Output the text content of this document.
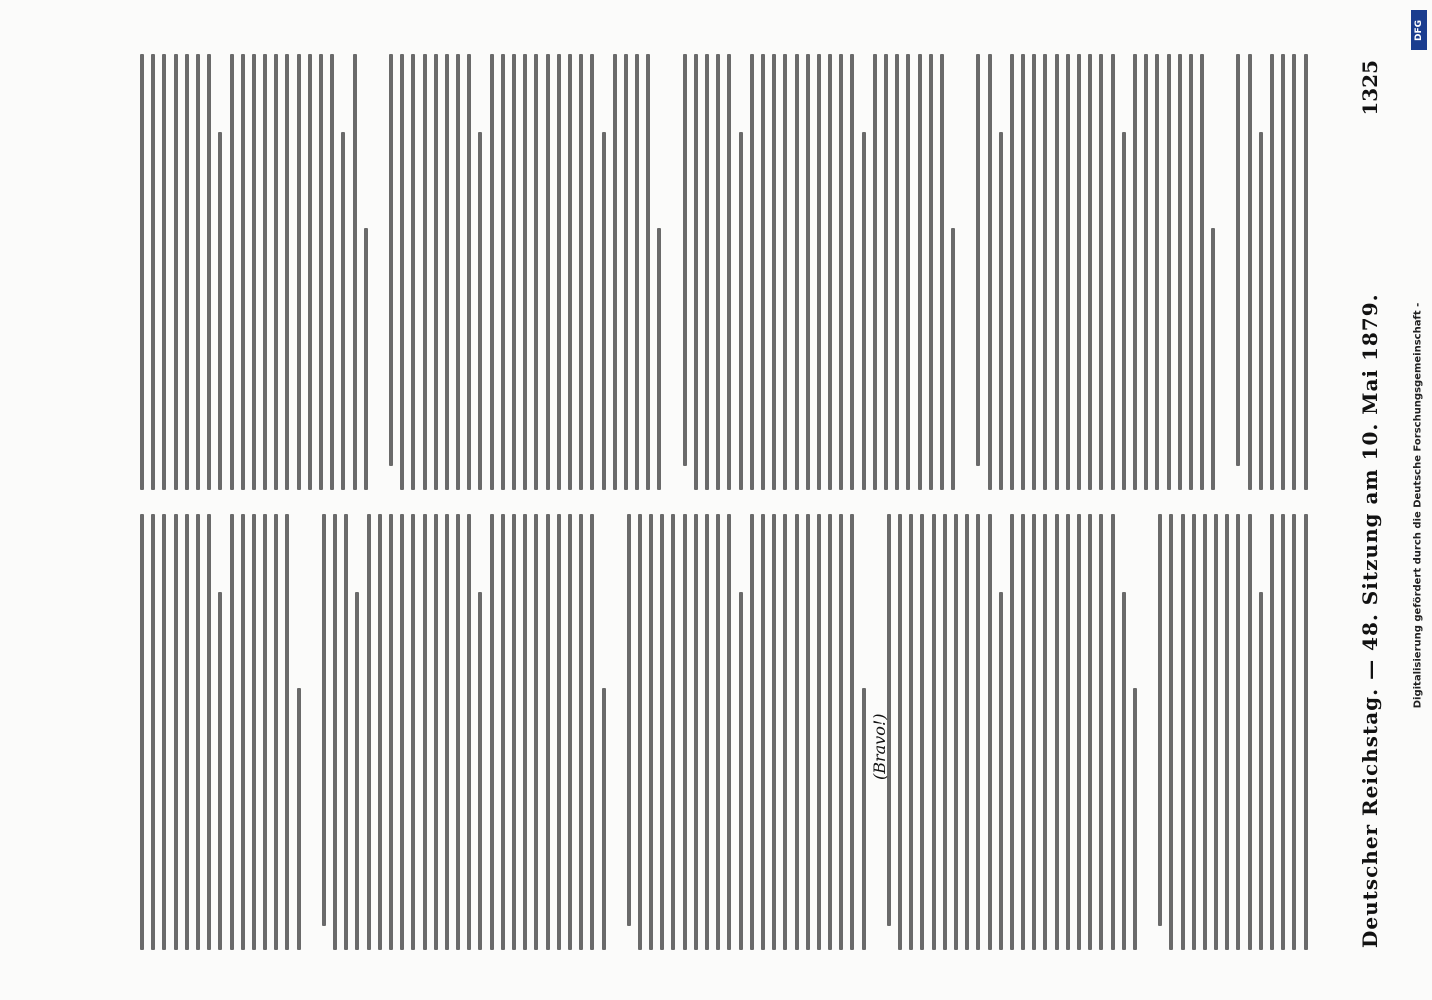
Deutscher Reichstag. — 48. Sitzung am 10. Mai 1879.
1325
(Bravo!)
Digitalisierung gefördert durch die Deutsche Forschungsgemeinschaft -
DFG
